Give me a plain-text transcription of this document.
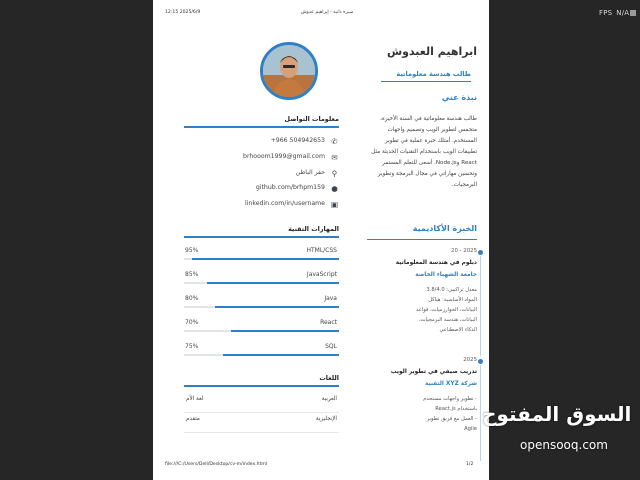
FPS N/A
12:15 2025/6/9	سيرة ذاتية - إبراهيم عدوش
معلومات التواصل
✆
+966 504942653
✉
brhooom1999@gmail.com
⚲
حفر الباطن
●
github.com/brhpm159
▣
linkedin.com/in/username
المهارات التقنية
HTML/CSS
95%
JavaScript
85%
Java
80%
React
70%
SQL
75%
اللغات
العربية
لغة الأم
الإنجليزية
متقدم
ابراهيم العبدوش
طالب هندسة معلوماتية
نبذة عني
طالب هندسة معلوماتية في السنة الأخيرة، متحمس لتطوير الويب وتصميم واجهات المستخدم. أمتلك خبرة عملية في تطوير تطبيقات الويب باستخدام التقنيات الحديثة مثل React وNode.js. أسعى للتعلم المستمر وتحسين مهاراتي في مجال البرمجة وتطوير البرمجيات.
الخبرة الأكاديمية
2025 - 20
دبلوم في هندسة المعلوماتية
جامعة الشهباء الخاصة
معدل تراكمي: 3.8/4.0
المواد الأساسية: هياكل
البيانات، الخوارزميات، قواعد
البيانات، هندسة البرمجيات،
الذكاء الاصطناعي
2025
تدريب صيفي في تطوير الويب
شركة XYZ التقنية
- تطوير واجهات مستخدم
باستخدام React.js
- العمل مع فريق تطوير
Agile
file:///C:/Users/Dell/Desktop/cv-m/index.html	1/2
السوق المفتوح
opensooq.com
